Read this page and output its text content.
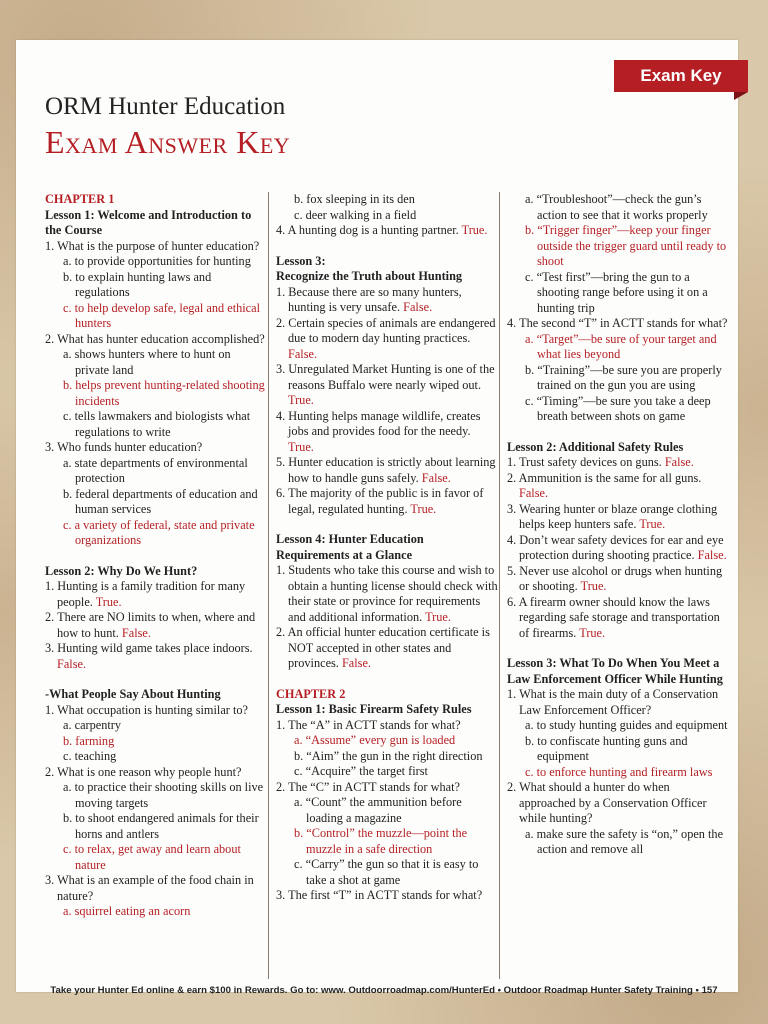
Exam Key
ORM Hunter Education
Exam Answer Key
CHAPTER 1
Lesson 1: Welcome and Introduction to the Course
1. What is the purpose of hunter education?
a. to provide opportunities for hunting
b. to explain hunting laws and regulations
c. to help develop safe, legal and ethical hunters
2. What has hunter education accomplished?
a. shows hunters where to hunt on private land
b. helps prevent hunting-related shooting incidents
c. tells lawmakers and biologists what regulations to write
3. Who funds hunter education?
a. state departments of environmental protection
b. federal departments of education and human services
c. a variety of federal, state and private organizations
Lesson 2: Why Do We Hunt?
1. Hunting is a family tradition for many people. True.
2. There are NO limits to when, where and how to hunt. False.
3. Hunting wild game takes place indoors. False.
-What People Say About Hunting
1. What occupation is hunting similar to?
a. carpentry
b. farming
c. teaching
2. What is one reason why people hunt?
a. to practice their shooting skills on live moving targets
b. to shoot endangered animals for their horns and antlers
c. to relax, get away and learn about nature
3. What is an example of the food chain in nature?
a. squirrel eating an acorn
b. fox sleeping in its den
c. deer walking in a field
4. A hunting dog is a hunting partner. True.
Lesson 3:
Recognize the Truth about Hunting
1. Because there are so many hunters, hunting is very unsafe. False.
2. Certain species of animals are endangered due to modern day hunting practices. False.
3. Unregulated Market Hunting is one of the reasons Buffalo were nearly wiped out. True.
4. Hunting helps manage wildlife, creates jobs and provides food for the needy. True.
5. Hunter education is strictly about learning how to handle guns safely. False.
6. The majority of the public is in favor of legal, regulated hunting. True.
Lesson 4: Hunter Education Requirements at a Glance
1. Students who take this course and wish to obtain a hunting license should check with their state or province for requirements and additional information. True.
2. An official hunter education certificate is NOT accepted in other states and provinces. False.
CHAPTER 2
Lesson 1: Basic Firearm Safety Rules
1. The “A” in ACTT stands for what?
a. “Assume” every gun is loaded
b. “Aim” the gun in the right direction
c. “Acquire” the target first
2. The “C” in ACTT stands for what?
a. “Count” the ammunition before loading a magazine
b. “Control” the muzzle—point the muzzle in a safe direction
c. “Carry” the gun so that it is easy to take a shot at game
3. The first “T” in ACTT stands for what?
a. “Troubleshoot”—check the gun’s action to see that it works properly
b. “Trigger finger”—keep your finger outside the trigger guard until ready to shoot
c. “Test first”—bring the gun to a shooting range before using it on a hunting trip
4. The second “T” in ACTT stands for what?
a. “Target”—be sure of your target and what lies beyond
b. “Training”—be sure you are properly trained on the gun you are using
c. “Timing”—be sure you take a deep breath between shots on game
Lesson 2: Additional Safety Rules
1. Trust safety devices on guns. False.
2. Ammunition is the same for all guns. False.
3. Wearing hunter or blaze orange clothing helps keep hunters safe. True.
4. Don’t wear safety devices for ear and eye protection during shooting practice. False.
5. Never use alcohol or drugs when hunting or shooting. True.
6. A firearm owner should know the laws regarding safe storage and transportation of firearms. True.
Lesson 3: What To Do When You Meet a Law Enforcement Officer While Hunting
1. What is the main duty of a Conservation Law Enforcement Officer?
a. to study hunting guides and equipment
b. to confiscate hunting guns and equipment
c. to enforce hunting and firearm laws
2. What should a hunter do when approached by a Conservation Officer while hunting?
a. make sure the safety is “on,” open the action and remove all
Take your Hunter Ed online & earn $100 in Rewards. Go to: www. Outdoorroadmap.com/HunterEd • Outdoor Roadmap Hunter Safety Training • 157
